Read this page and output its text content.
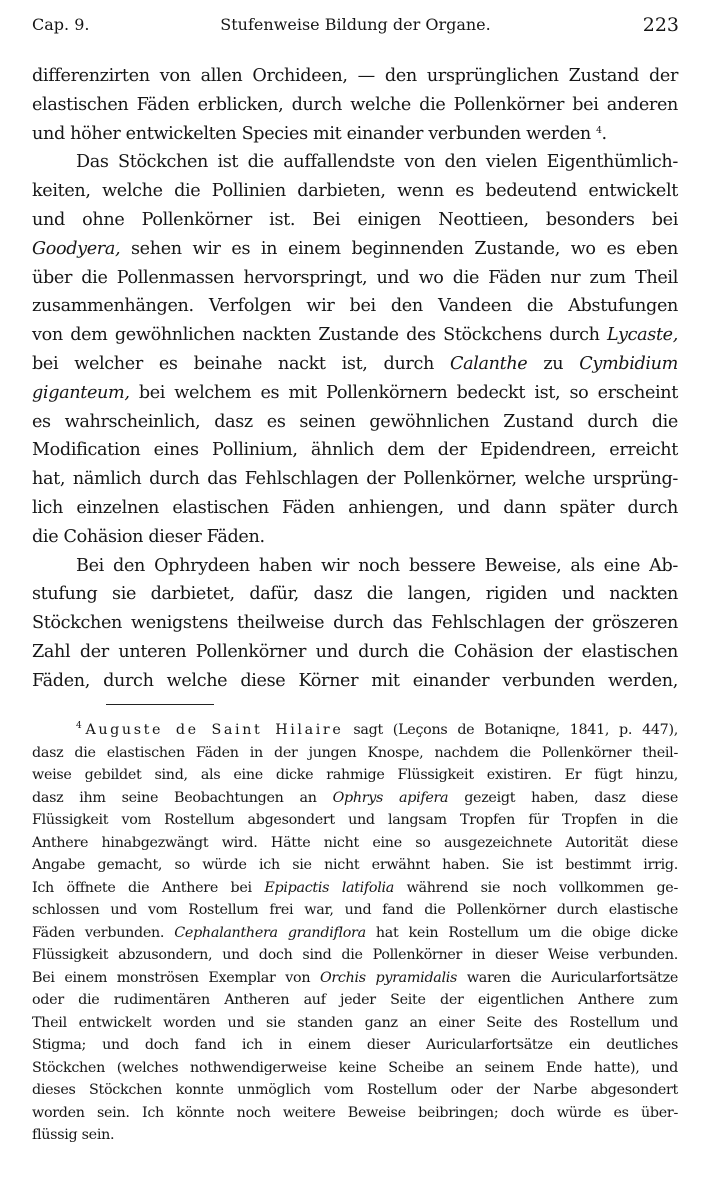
Cap. 9.	Stufenweise Bildung der Organe.	223
differenzirten von allen Orchideen, — den ursprünglichen Zustand der
elastischen Fäden erblicken, durch welche die Pollenkörner bei anderen
und höher entwickelten Species mit einander verbunden werden $^4$.
Das Stöckchen ist die auffallendste von den vielen Eigenthümlich-
keiten, welche die Pollinien darbieten, wenn es bedeutend entwickelt
und ohne Pollenkörner ist. Bei einigen Neottieen, besonders bei
Goodyera, sehen wir es in einem beginnenden Zustande, wo es eben
über die Pollenmassen hervorspringt, und wo die Fäden nur zum Theil
zusammenhängen. Verfolgen wir bei den Vandeen die Abstufungen
von dem gewöhnlichen nackten Zustande des Stöckchens durch Lycaste,
bei welcher es beinahe nackt ist, durch Calanthe zu Cymbidium
giganteum, bei welchem es mit Pollenkörnern bedeckt ist, so erscheint
es wahrscheinlich, dasz es seinen gewöhnlichen Zustand durch die
Modification eines Pollinium, ähnlich dem der Epidendreen, erreicht
hat, nämlich durch das Fehlschlagen der Pollenkörner, welche ursprüng-
lich einzelnen elastischen Fäden anhiengen, und dann später durch
die Cohäsion dieser Fäden.
Bei den Ophrydeen haben wir noch bessere Beweise, als eine Ab-
stufung sie darbietet, dafür, dasz die langen, rigiden und nackten
Stöckchen wenigstens theilweise durch das Fehlschlagen der gröszeren
Zahl der unteren Pollenkörner und durch die Cohäsion der elastischen
Fäden, durch welche diese Körner mit einander verbunden werden,
$^4$ Auguste de Saint Hilaire sagt (Leçons de Botaniqne, 1841, p. 447),
dasz die elastischen Fäden in der jungen Knospe, nachdem die Pollenkörner theil-
weise gebildet sind, als eine dicke rahmige Flüssigkeit existiren. Er fügt hinzu,
dasz ihm seine Beobachtungen an Ophrys apifera gezeigt haben, dasz diese
Flüssigkeit vom Rostellum abgesondert und langsam Tropfen für Tropfen in die
Anthere hinabgezwängt wird. Hätte nicht eine so ausgezeichnete Autorität diese
Angabe gemacht, so würde ich sie nicht erwähnt haben. Sie ist bestimmt irrig.
Ich öffnete die Anthere bei Epipactis latifolia während sie noch vollkommen ge-
schlossen und vom Rostellum frei war, und fand die Pollenkörner durch elastische
Fäden verbunden. Cephalanthera grandiflora hat kein Rostellum um die obige dicke
Flüssigkeit abzusondern, und doch sind die Pollenkörner in dieser Weise verbunden.
Bei einem monströsen Exemplar von Orchis pyramidalis waren die Auricularfortsätze
oder die rudimentären Antheren auf jeder Seite der eigentlichen Anthere zum
Theil entwickelt worden und sie standen ganz an einer Seite des Rostellum und
Stigma; und doch fand ich in einem dieser Auricularfortsätze ein deutliches
Stöckchen (welches nothwendigerweise keine Scheibe an seinem Ende hatte), und
dieses Stöckchen konnte unmöglich vom Rostellum oder der Narbe abgesondert
worden sein. Ich könnte noch weitere Beweise beibringen; doch würde es über-
flüssig sein.
